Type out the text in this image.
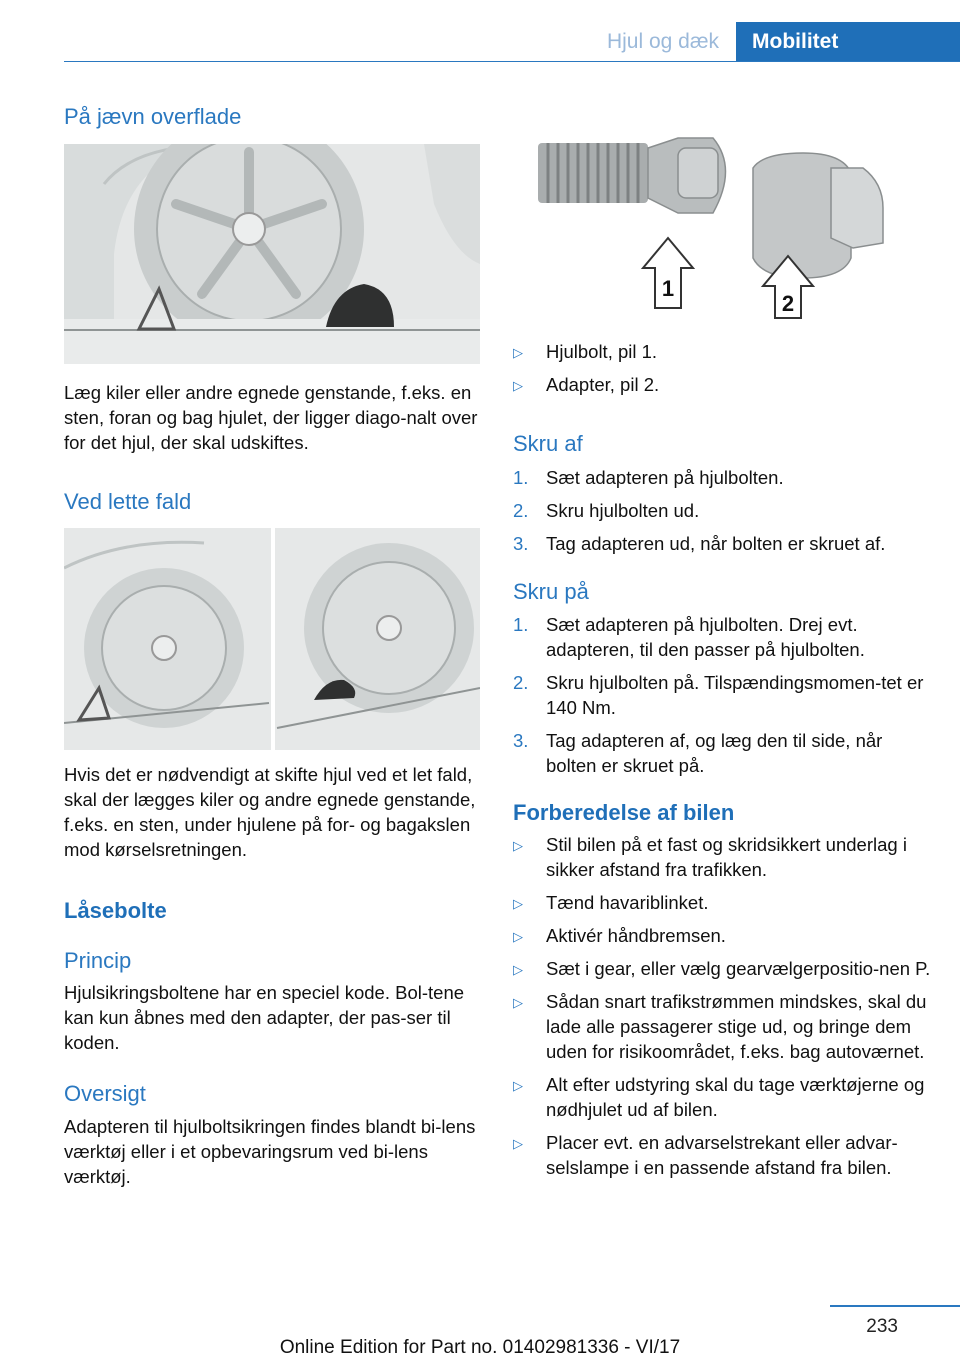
Hjul og dæk	Mobilitet
På jævn overflade

Læg kiler eller andre egnede genstande, f.eks. en sten, foran og bag hjulet, der ligger diago-nalt over for det hjul, der skal udskiftes.

Ved lette fald

Hvis det er nødvendigt at skifte hjul ved et let fald, skal der lægges kiler og andre egnede genstande, f.eks. en sten, under hjulene på for- og bagakslen mod kørselsretningen.

Låsebolte
Princip

Hjulsikringsboltene har en speciel kode. Bol-tene kan kun åbnes med den adapter, der pas-ser til koden.

Oversigt

Adapteren til hjulboltsikringen findes blandt bi-lens værktøj eller i et opbevaringsrum ved bi-lens værktøj.

1
2
▷ Hjulbolt, pil 1.
▷ Adapter, pil 2.
Skru af
1. Sæt adapteren på hjulbolten.
2. Skru hjulbolten ud.
3. Tag adapteren ud, når bolten er skruet af.
Skru på
1. Sæt adapteren på hjulbolten. Drej evt. adapteren, til den passer på hjulbolten.
2. Skru hjulbolten på. Tilspændingsmomen-tet er 140 Nm.
3. Tag adapteren af, og læg den til side, når bolten er skruet på.
Forberedelse af bilen
▷ Stil bilen på et fast og skridsikkert underlag i sikker afstand fra trafikken.
▷ Tænd havariblinket.
▷ Aktivér håndbremsen.
▷ Sæt i gear, eller vælg gearvælgerpositio-nen P.
▷ Sådan snart trafikstrømmen mindskes, skal du lade alle passagerer stige ud, og bringe dem uden for risikoområdet, f.eks. bag autoværnet.
▷ Alt efter udstyring skal du tage værktøjerne og nødhjulet ud af bilen.
▷ Placer evt. en advarselstrekant eller advar-selslampe i en passende afstand fra bilen.
233
Online Edition for Part no. 01402981336 - VI/17
